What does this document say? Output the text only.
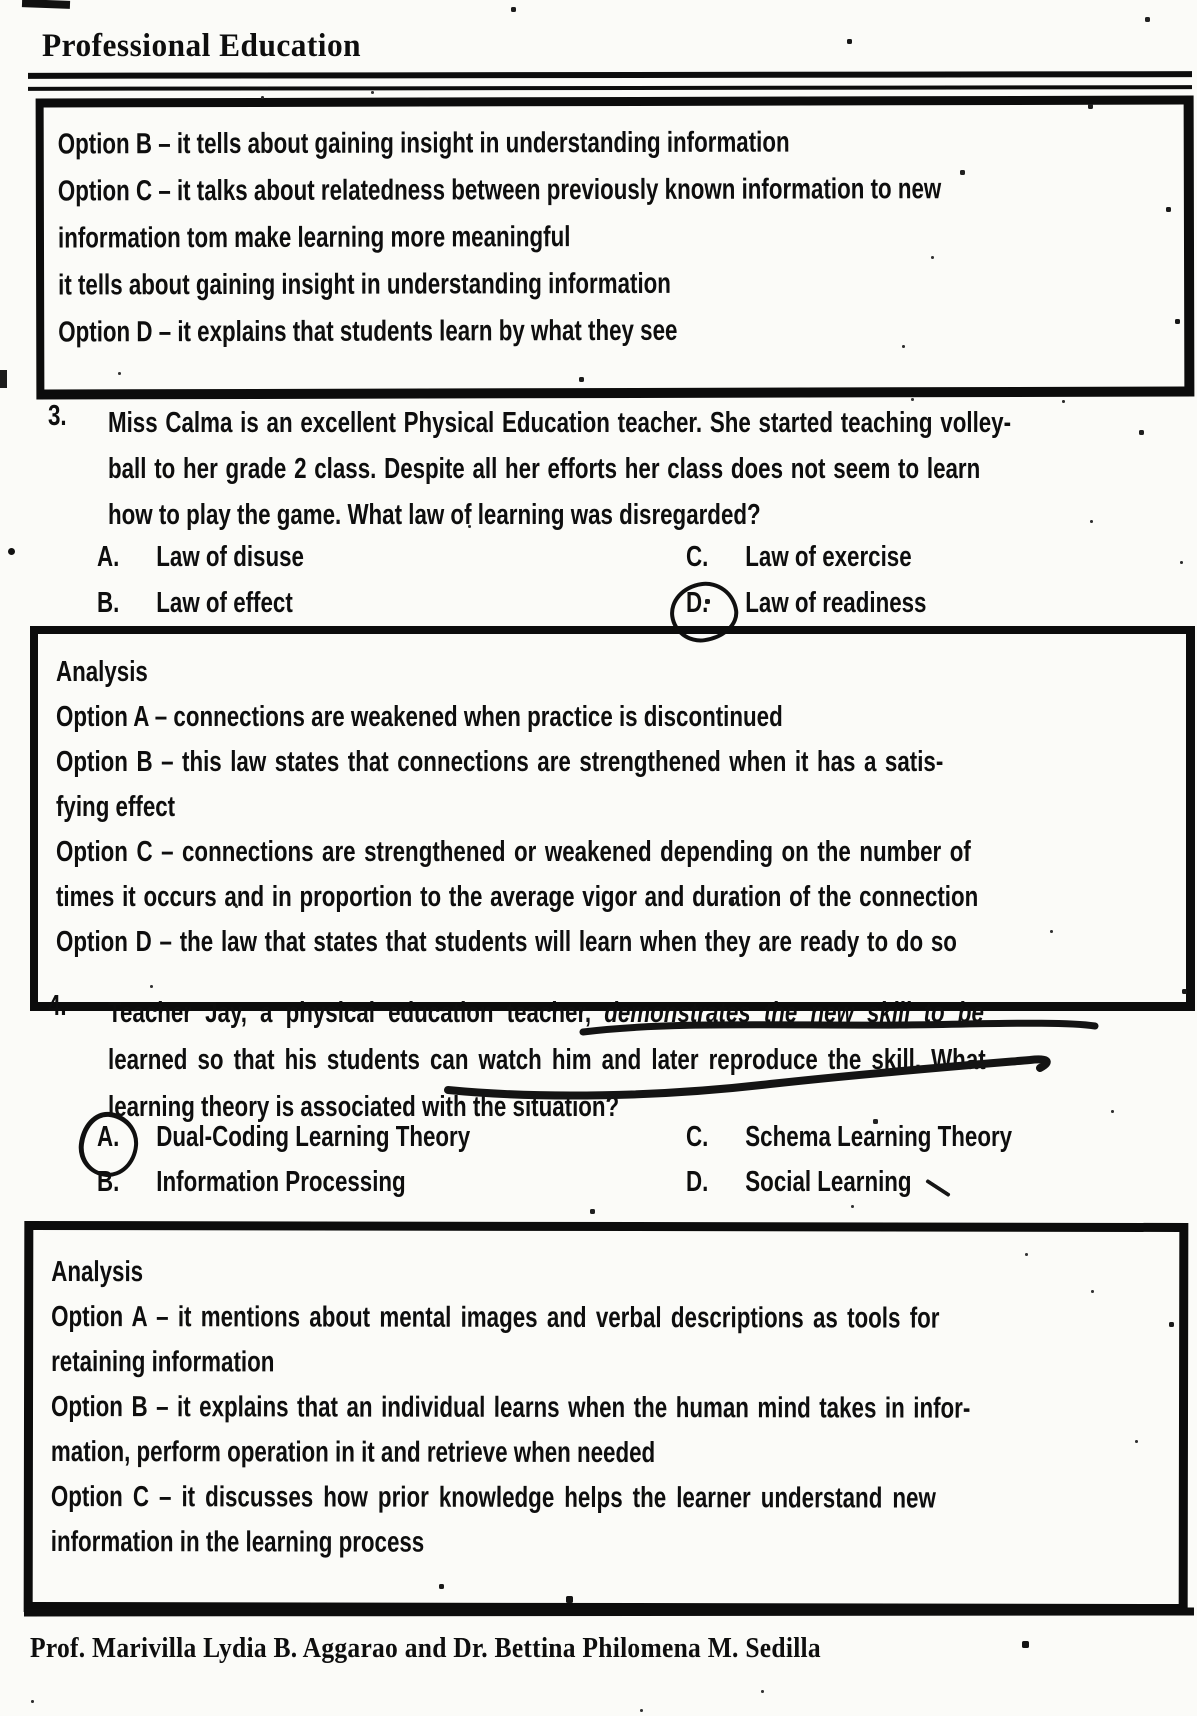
Professional Education
Option B – it tells about gaining insight in understanding information
Option C – it talks about relatedness between previously known information to new
information tom make learning more meaningful
it tells about gaining insight in understanding information
Option D – it explains that students learn by what they see
3.	Miss Calma is an excellent Physical Education teacher. She started teaching volley-
ball to her grade 2 class. Despite all her efforts her class does not seem to learn
how to play the game. What law of learning was disregarded?
A. Law of disuse
B. Law of effect
C. Law of exercise
D. Law of readiness
Analysis
Option A – connections are weakened when practice is discontinued
Option B – this law states that connections are strengthened when it has a satis-
fying effect
Option C – connections are strengthened or weakened depending on the number of
times it occurs and in proportion to the average vigor and duration of the connection
Option D – the law that states that students will learn when they are ready to do so
4.	Teacher Jay, a physical education teacher, demonstrates the new skill to be
learned so that his students can watch him and later reproduce the skill. What
learning theory is associated with the situation?
A. Dual-Coding Learning Theory
B. Information Processing
C. Schema Learning Theory
D. Social Learning
Analysis
Option A – it mentions about mental images and verbal descriptions as tools for
retaining information
Option B – it explains that an individual learns when the human mind takes in infor-
mation, perform operation in it and retrieve when needed
Option C – it discusses how prior knowledge helps the learner understand new
information in the learning process
Prof. Marivilla Lydia B. Aggarao and Dr. Bettina Philomena M. Sedilla
